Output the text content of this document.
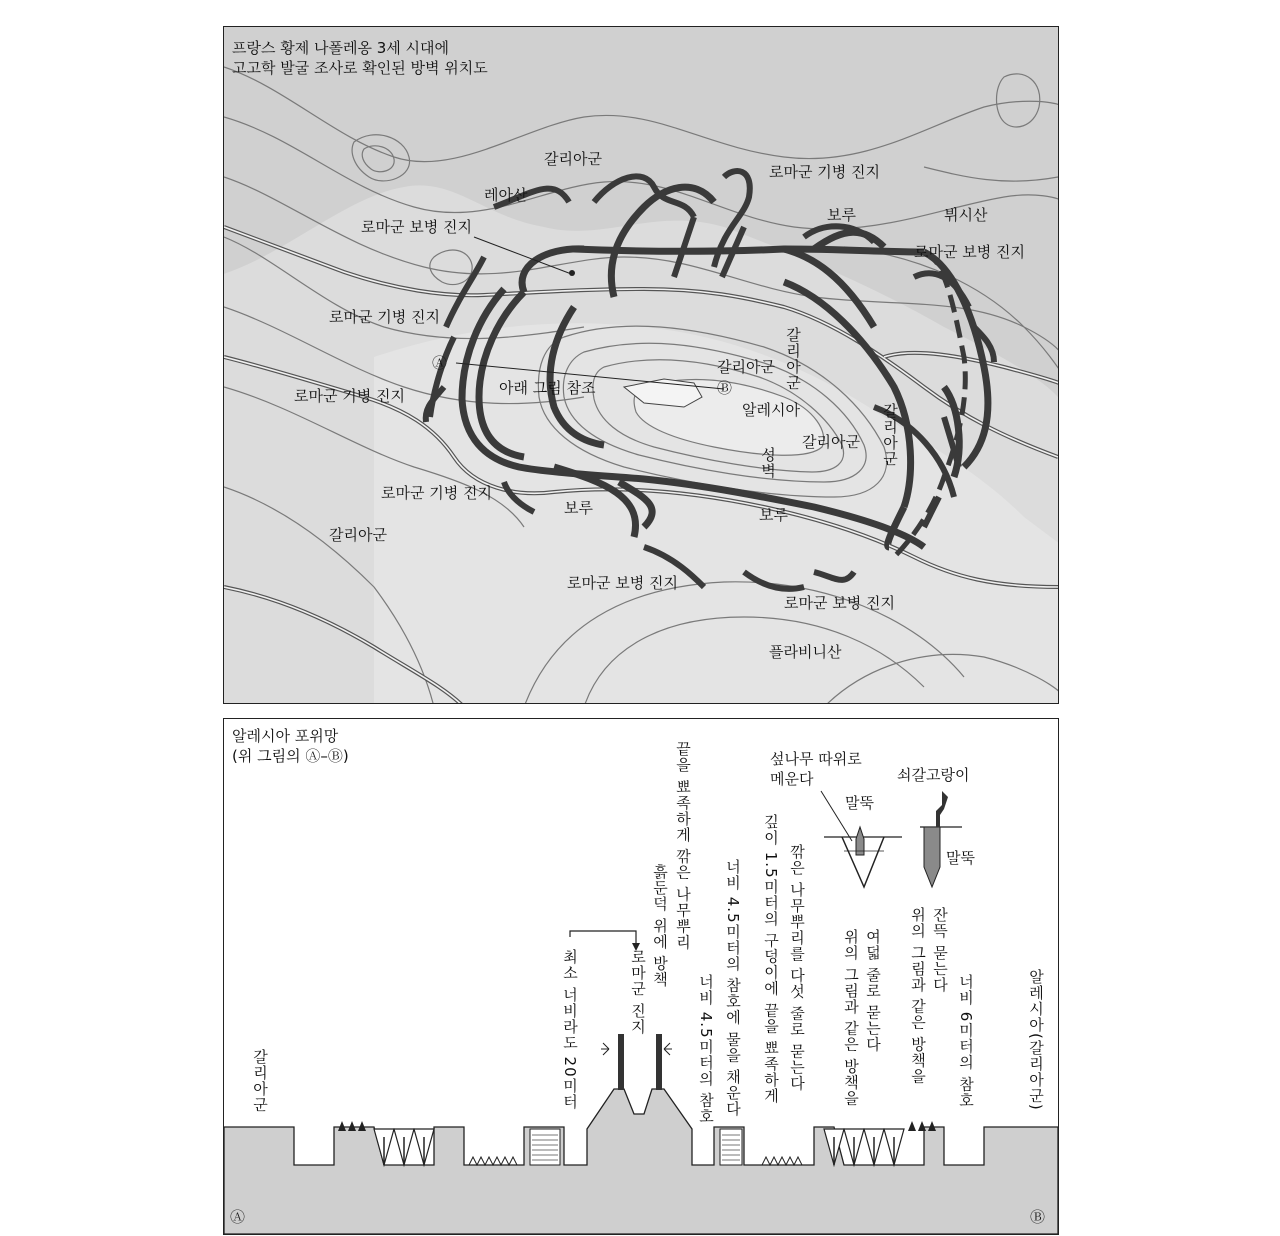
프랑스 황제 나폴레옹 3세 시대에
고고학 발굴 조사로 확인된 방벽 위치도
갈리아군
레아산
로마군 기병 진지
로마군 보병 진지
보루	뷔시산
로마군 보병 진지
로마군 기병 진지
Ⓐ
아래 그림 참조
갈리아군
Ⓑ
알레시아
로마군 기병 진지
갈리아군
갈리아군 갈리아군
성벽
로마군 기병 진지
보루	보루
갈리아군
로마군 보병 진지
로마군 보병 진지
플라비니산
알레시아 포위망
(위 그림의 Ⓐ–Ⓑ)
갈리아군	최소 너비라도 20미터	로마군 진지
흙둔덕 위에 방책 끝을 뾰족하게 깎은 나무뿌리
너비 4.5미터의 참호 너비 4.5미터의 참호에 물을 채운다 깊이 1.5미터의 구덩이에 끝을 뾰족하게 깎은 나무뿌리를 다섯 줄로 묻는다	여덟 줄로 묻는다
위의 그림과 같은 방책을	잔뜩 묻는다
위의 그림과 같은 방책을 너비 6미터의 참호	알레시아(갈리아군)
섶나무 따위로
메운다
말뚝
쇠갈고랑이
말뚝
Ⓐ	Ⓑ
